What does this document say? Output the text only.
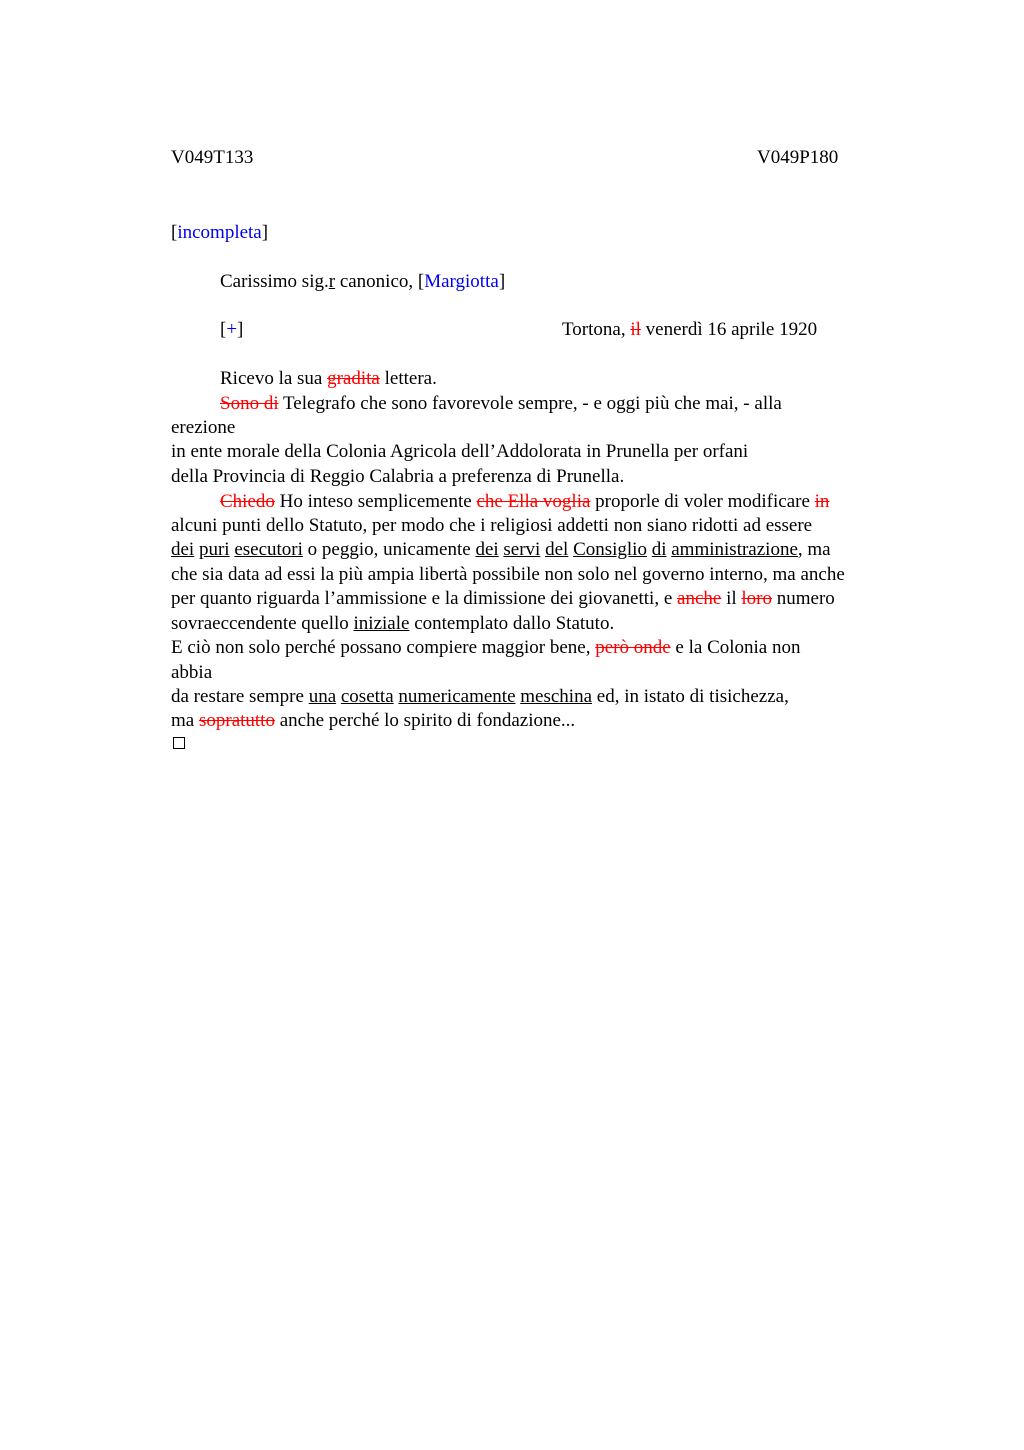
V049T133	V049P180
[incompleta]
Carissimo sig.r canonico, [Margiotta]
[+]	Tortona, il venerdì 16 aprile 1920
Ricevo la sua gradita lettera.
Sono di Telegrafo che sono favorevole sempre, - e oggi più che mai, - alla
erezione
in ente morale della Colonia Agricola dell’Addolorata in Prunella per orfani
della Provincia di Reggio Calabria a preferenza di Prunella.
Chiedo Ho inteso semplicemente che Ella voglia proporle di voler modificare in
alcuni punti dello Statuto, per modo che i religiosi addetti non siano ridotti ad essere
dei puri esecutori o peggio, unicamente dei servi del Consiglio di amministrazione, ma
che sia data ad essi la più ampia libertà possibile non solo nel governo interno, ma anche
per quanto riguarda l’ammissione e la dimissione dei giovanetti, e anche il loro numero
sovraeccendente quello iniziale contemplato dallo Statuto.
E ciò non solo perché possano compiere maggior bene, però onde e la Colonia non
abbia
da restare sempre una cosetta numericamente meschina ed, in istato di tisichezza,
ma sopratutto anche perché lo spirito di fondazione...
